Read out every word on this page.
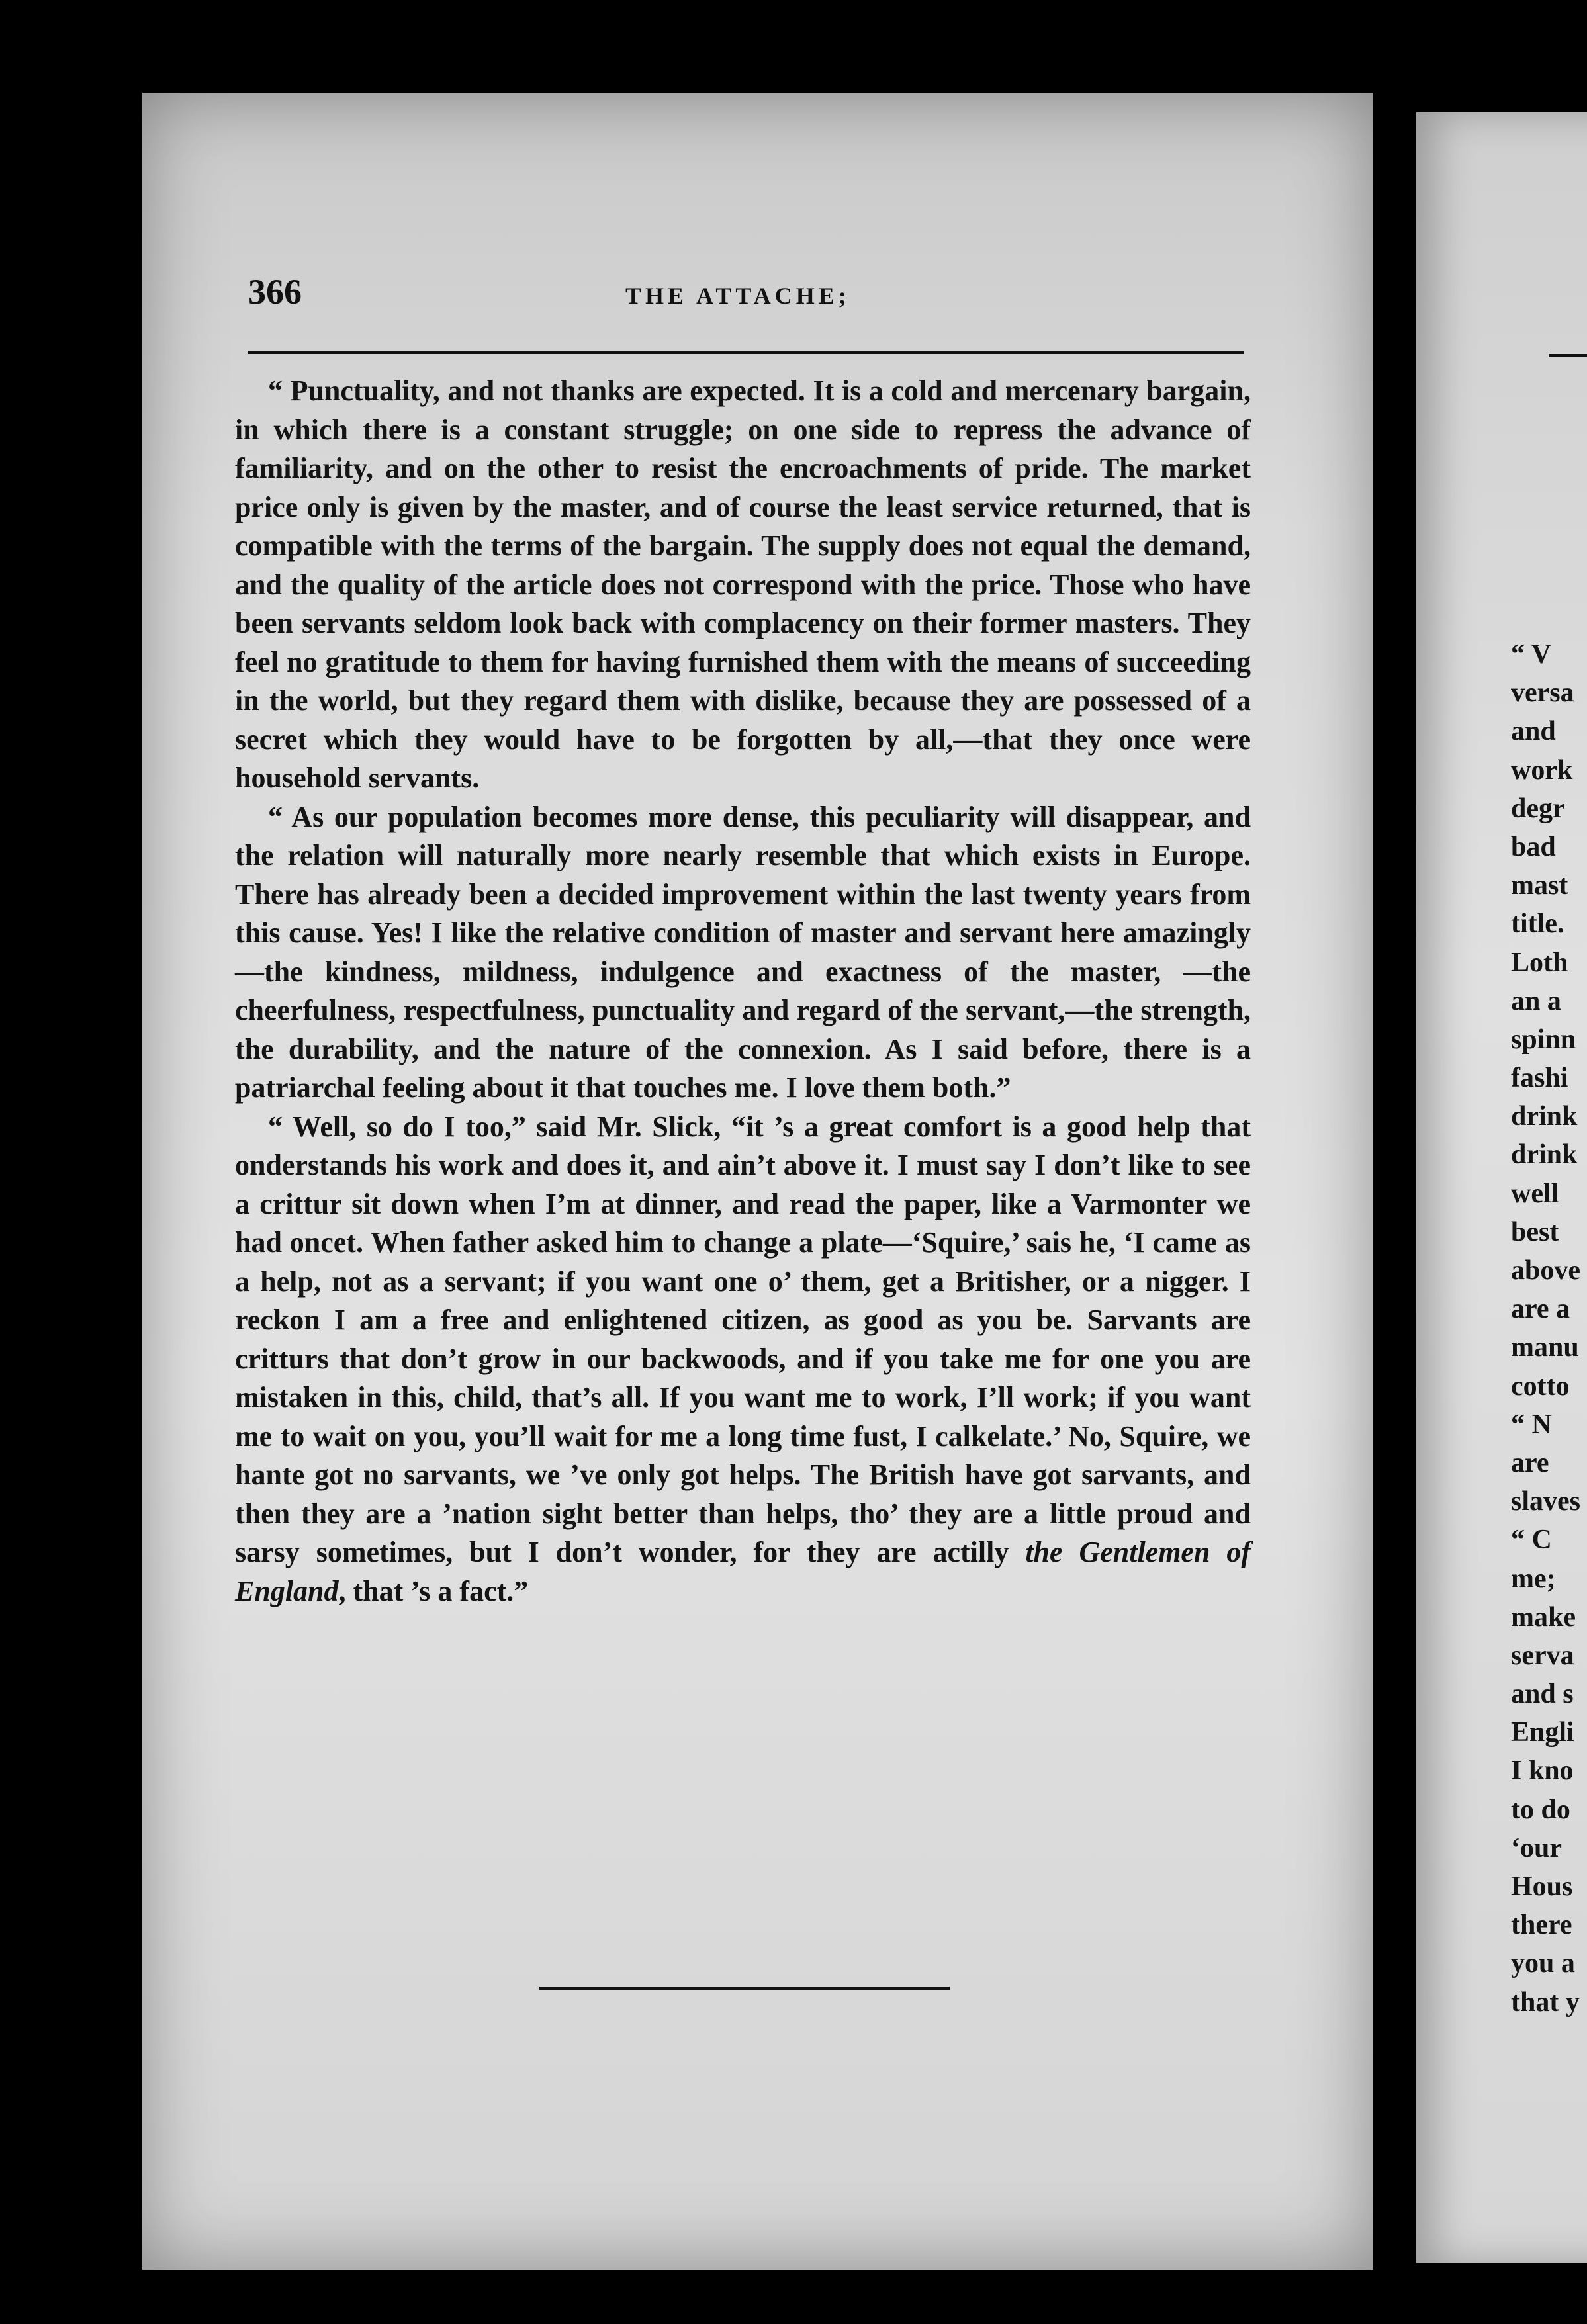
366	THE ATTACHE;

“ Punctuality, and not thanks are expected. It is a cold and mercenary bargain, in which there is a constant struggle; on one side to repress the advance of familiarity, and on the other to resist the encroachments of pride. The market price only is given by the master, and of course the least service returned, that is compatible with the terms of the bargain. The supply does not equal the demand, and the quality of the article does not correspond with the price. Those who have been servants seldom look back with complacency on their former masters. They feel no gratitude to them for having furnished them with the means of succeeding in the world, but they regard them with dislike, because they are possessed of a secret which they would have to be forgotten by all,—that they once were household servants.

“ As our population becomes more dense, this peculiarity will disappear, and the relation will naturally more nearly resemble that which exists in Europe. There has already been a decided improvement within the last twenty years from this cause. Yes! I like the relative condition of master and servant here amazingly —the kindness, mildness, indulgence and exactness of the master, —the cheerfulness, respectfulness, punctuality and regard of the servant,—the strength, the durability, and the nature of the connexion. As I said before, there is a patriarchal feeling about it that touches me. I love them both.”

“ Well, so do I too,” said Mr. Slick, “it ’s a great comfort is a good help that onderstands his work and does it, and ain’t above it. I must say I don’t like to see a crittur sit down when I’m at dinner, and read the paper, like a Varmonter we had oncet. When father asked him to change a plate—‘Squire,’ sais he, ‘I came as a help, not as a servant; if you want one o’ them, get a Britisher, or a nigger. I reckon I am a free and enlightened citizen, as good as you be. Sarvants are critturs that don’t grow in our backwoods, and if you take me for one you are mistaken in this, child, that’s all. If you want me to work, I’ll work; if you want me to wait on you, you’ll wait for me a long time fust, I calkelate.’ No, Squire, we hante got no sarvants, we ’ve only got helps. The British have got sarvants, and then they are a ’nation sight better than helps, tho’ they are a little proud and sarsy sometimes, but I don’t wonder, for they are actilly the Gentlemen of England, that ’s a fact.”

“ V
versa
and
work
degr
bad
mast
title.
Loth
an a
spinn
fashi
drink
drink
well
best
above
are a
manu
cotto
“ N
are
slaves
“ C
me;
make
serva
and s
Engli
I kno
to do
‘our
Hous
there
you a
that y
